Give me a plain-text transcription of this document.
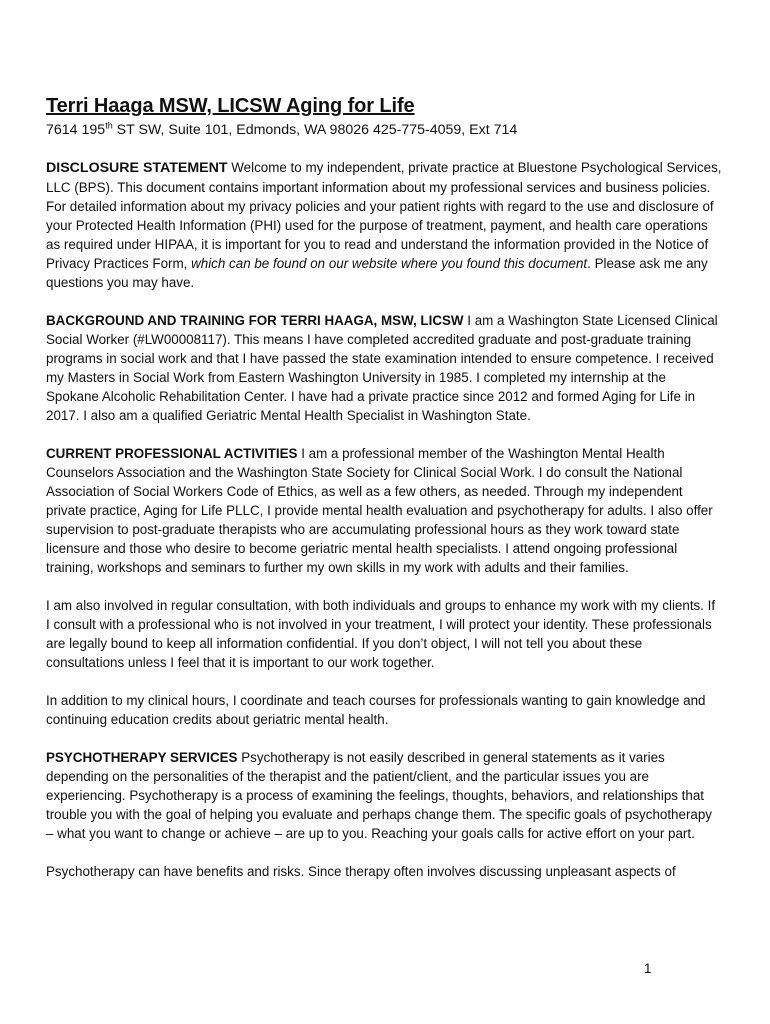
Terri Haaga MSW, LICSW Aging for Life

7614 195th ST SW, Suite 101, Edmonds, WA 98026 425-775-4059, Ext 714

DISCLOSURE STATEMENT Welcome to my independent, private practice at Bluestone Psychological Services, LLC (BPS). This document contains important information about my professional services and business policies. For detailed information about my privacy policies and your patient rights with regard to the use and disclosure of your Protected Health Information (PHI) used for the purpose of treatment, payment, and health care operations as required under HIPAA, it is important for you to read and understand the information provided in the Notice of Privacy Practices Form, which can be found on our website where you found this document. Please ask me any questions you may have.

BACKGROUND AND TRAINING FOR TERRI HAAGA, MSW, LICSW I am a Washington State Licensed Clinical Social Worker (#LW00008117). This means I have completed accredited graduate and post-graduate training programs in social work and that I have passed the state examination intended to ensure competence. I received my Masters in Social Work from Eastern Washington University in 1985. I completed my internship at the Spokane Alcoholic Rehabilitation Center. I have had a private practice since 2012 and formed Aging for Life in 2017. I also am a qualified Geriatric Mental Health Specialist in Washington State.

CURRENT PROFESSIONAL ACTIVITIES I am a professional member of the Washington Mental Health Counselors Association and the Washington State Society for Clinical Social Work. I do consult the National Association of Social Workers Code of Ethics, as well as a few others, as needed. Through my independent private practice, Aging for Life PLLC, I provide mental health evaluation and psychotherapy for adults. I also offer supervision to post-graduate therapists who are accumulating professional hours as they work toward state licensure and those who desire to become geriatric mental health specialists. I attend ongoing professional training, workshops and seminars to further my own skills in my work with adults and their families.

I am also involved in regular consultation, with both individuals and groups to enhance my work with my clients. If I consult with a professional who is not involved in your treatment, I will protect your identity. These professionals are legally bound to keep all information confidential. If you don’t object, I will not tell you about these consultations unless I feel that it is important to our work together.

In addition to my clinical hours, I coordinate and teach courses for professionals wanting to gain knowledge and continuing education credits about geriatric mental health.

PSYCHOTHERAPY SERVICES Psychotherapy is not easily described in general statements as it varies depending on the personalities of the therapist and the patient/client, and the particular issues you are experiencing. Psychotherapy is a process of examining the feelings, thoughts, behaviors, and relationships that trouble you with the goal of helping you evaluate and perhaps change them. The specific goals of psychotherapy – what you want to change or achieve – are up to you. Reaching your goals calls for active effort on your part.

Psychotherapy can have benefits and risks. Since therapy often involves discussing unpleasant aspects of

1
